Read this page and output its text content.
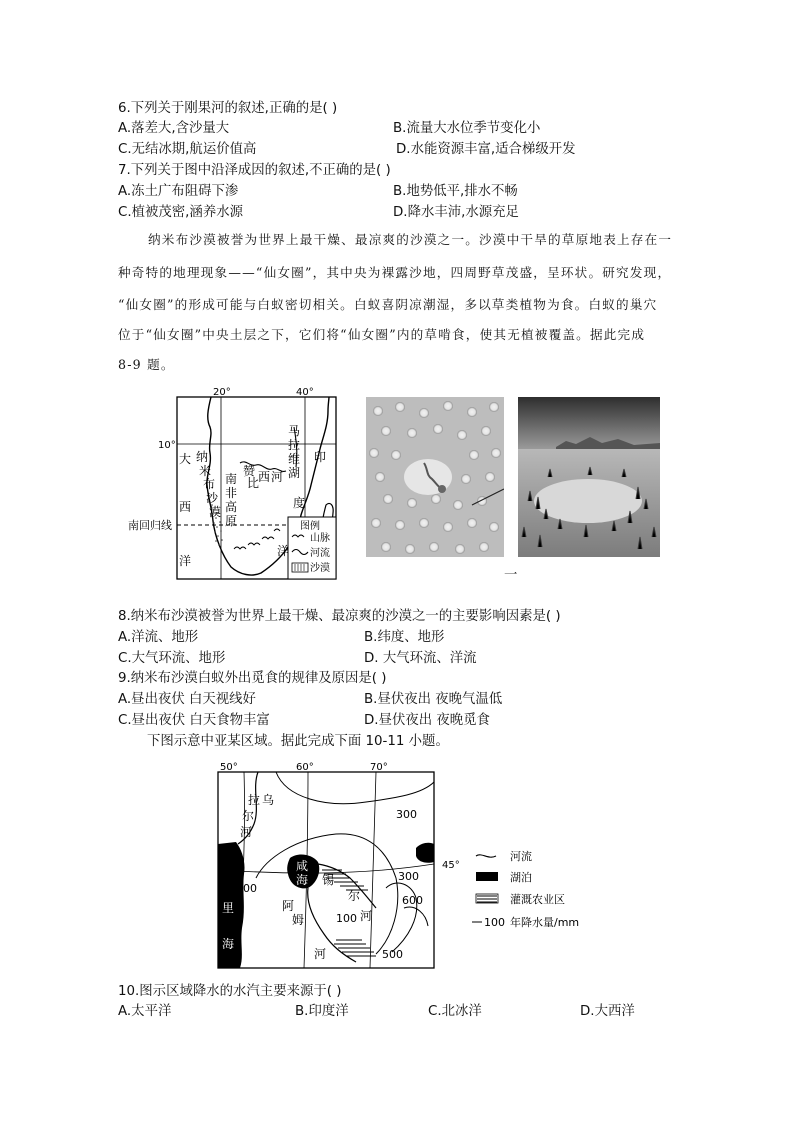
6.下列关于刚果河的叙述,正确的是( )
A.落差大,含沙量大	B.流量大水位季节变化小
C.无结冰期,航运价值高	D.水能资源丰富,适合梯级开发
7.下列关于图中沿泽成因的叙述,不正确的是( )
A.冻土广布阻碍下渗	B.地势低平,排水不畅
C.植被茂密,涵养水源	D.降水丰沛,水源充足
纳米布沙漠被誉为世界上最干燥、最凉爽的沙漠之一。沙漠中干旱的草原地表上存在一
种奇特的地理现象——“仙女圈”，其中央为裸露沙地，四周野草茂盛，呈环状。研究发现，
“仙女圈”的形成可能与白蚁密切相关。白蚁喜阴凉潮湿，多以草类植物为食。白蚁的巢穴
位于“仙女圈”中央土层之下，它们将“仙女圈”内的草啃食，使其无植被覆盖。据此完成
8-9 题。
20°	40°
10°
南回归线
大
西
洋
纳
米
布
沙
漠
南
非
高
原
赞
比
西 河
马
拉
维
湖
印
度
洋
图例
山脉
河流
沙漠	一
8.纳米布沙漠被誉为世界上最干燥、最凉爽的沙漠之一的主要影响因素是( )
A.洋流、地形	B.纬度、地形
C.大气环流、地形	D. 大气环流、洋流
9.纳米布沙漠白蚁外出觅食的规律及原因是( )
A.昼出夜伏 白天视线好	B.昼伏夜出 夜晚气温低
C.昼出夜伏 白天食物丰富	D.昼伏夜出 夜晚觅食
下图示意中亚某区域。据此完成下面 10-11 小题。
50°	60°	70°
45°
拉 乌
尔
河
里
海
咸
海
阿
姆
河
锡
尔
河
300
100
300
600
100
500
河流
湖泊
灌溉农业区
100 年降水量/mm
10.图示区域降水的水汽主要来源于( )
A.太平洋	B.印度洋	C.北冰洋	D.大西洋
